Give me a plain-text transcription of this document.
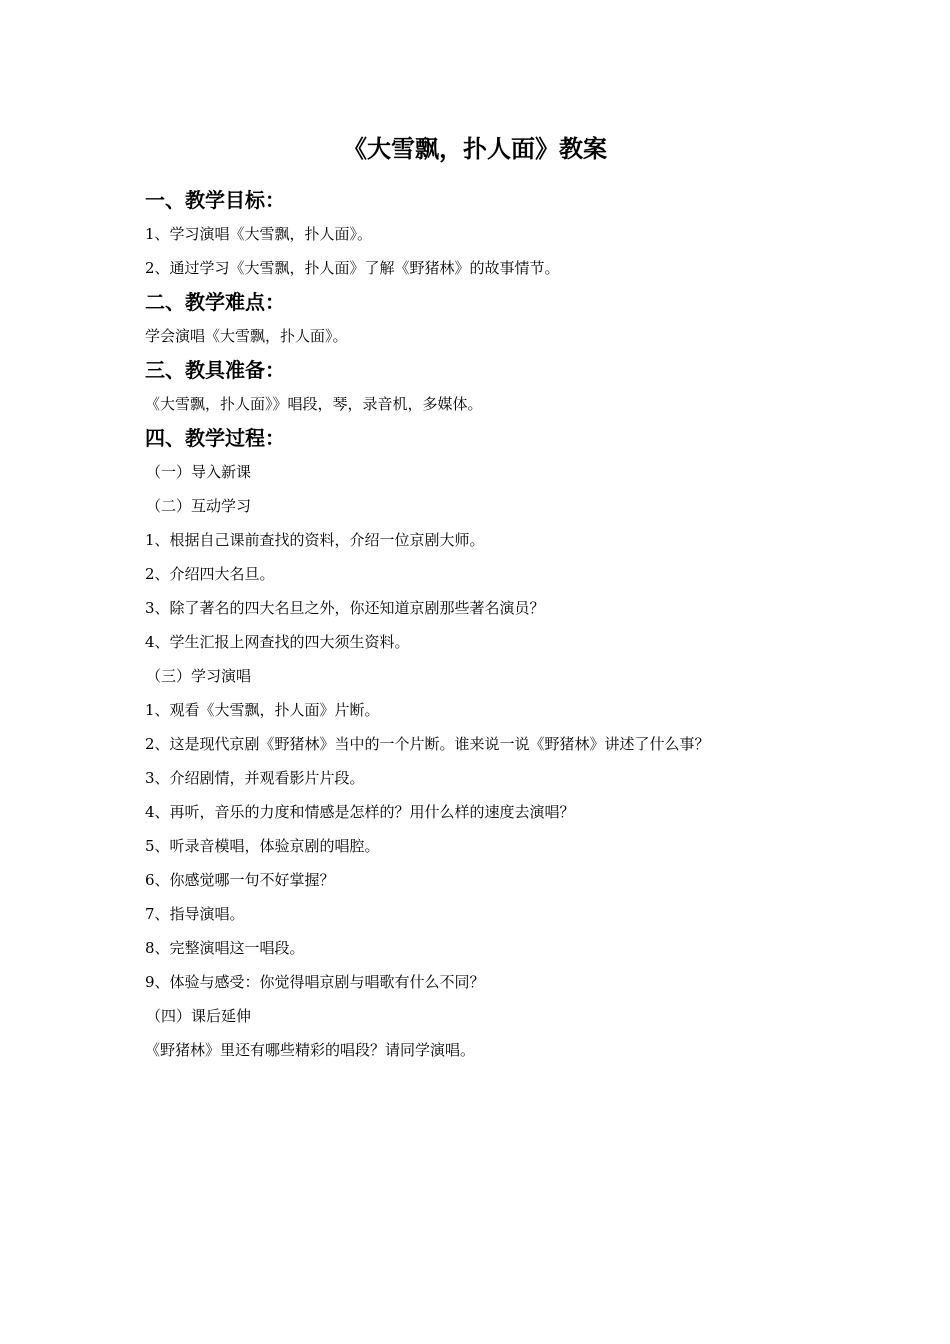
《大雪飘，扑人面》教案
一、教学目标：
1、学习演唱《大雪飘，扑人面》。
2、通过学习《大雪飘，扑人面》了解《野猪林》的故事情节。
二、教学难点：
学会演唱《大雪飘，扑人面》。
三、教具准备：
《大雪飘，扑人面》》唱段，琴，录音机，多媒体。
四、教学过程：
（一）导入新课
（二）互动学习
1、根据自己课前查找的资料，介绍一位京剧大师。
2、介绍四大名旦。
3、除了著名的四大名旦之外，你还知道京剧那些著名演员？
4、学生汇报上网查找的四大须生资料。
（三）学习演唱
1、观看《大雪飘，扑人面》片断。
2、这是现代京剧《野猪林》当中的一个片断。谁来说一说《野猪林》讲述了什么事？
3、介绍剧情，并观看影片片段。
4、再听，音乐的力度和情感是怎样的？用什么样的速度去演唱？
5、听录音模唱，体验京剧的唱腔。
6、你感觉哪一句不好掌握？
7、指导演唱。
8、完整演唱这一唱段。
9、体验与感受：你觉得唱京剧与唱歌有什么不同？
（四）课后延伸
《野猪林》里还有哪些精彩的唱段？请同学演唱。
